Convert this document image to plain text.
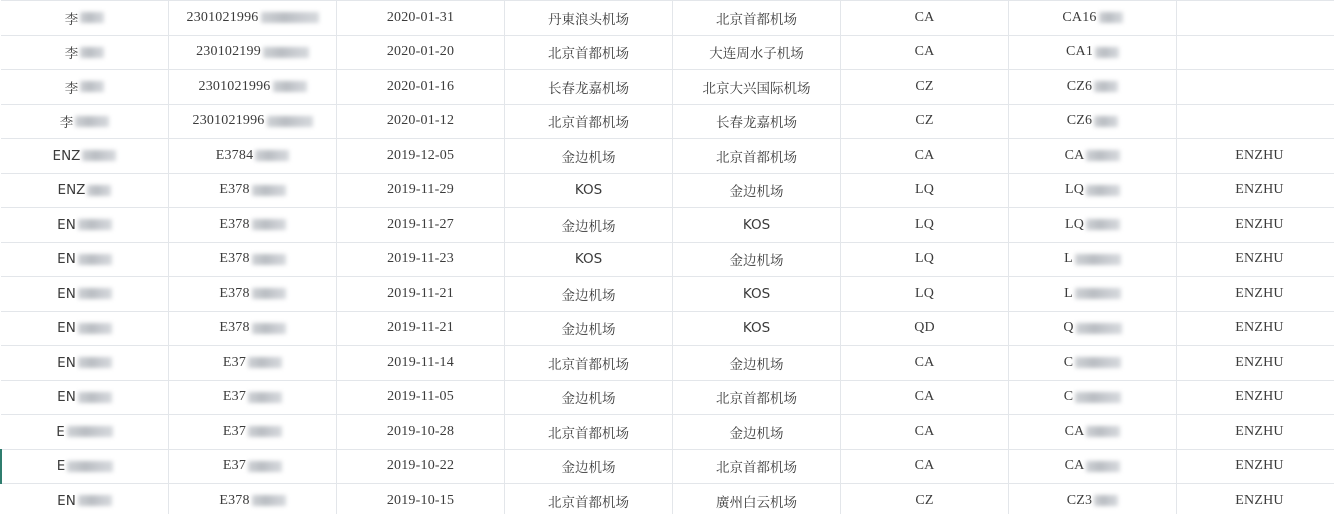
李	2301021996	2020-01-31	丹東浪头机场	北京首都机场	CA	CA16	
李	230102199	2020-01-20	北京首都机场	大连周水子机场	CA	CA1	
李	2301021996	2020-01-16	长春龙嘉机场	北京大兴国际机场	CZ	CZ6	
李	2301021996	2020-01-12	北京首都机场	长春龙嘉机场	CZ	CZ6	
ENZ	E3784	2019-12-05	金边机场	北京首都机场	CA	CA	ENZHU
ENZ	E378	2019-11-29	KOS	金边机场	LQ	LQ	ENZHU
EN	E378	2019-11-27	金边机场	KOS	LQ	LQ	ENZHU
EN	E378	2019-11-23	KOS	金边机场	LQ	L	ENZHU
EN	E378	2019-11-21	金边机场	KOS	LQ	L	ENZHU
EN	E378	2019-11-21	金边机场	KOS	QD	Q	ENZHU
EN	E37	2019-11-14	北京首都机场	金边机场	CA	C	ENZHU
EN	E37	2019-11-05	金边机场	北京首都机场	CA	C	ENZHU
E	E37	2019-10-28	北京首都机场	金边机场	CA	CA	ENZHU
E	E37	2019-10-22	金边机场	北京首都机场	CA	CA	ENZHU
EN	E378	2019-10-15	北京首都机场	廣州白云机场	CZ	CZ3	ENZHU
